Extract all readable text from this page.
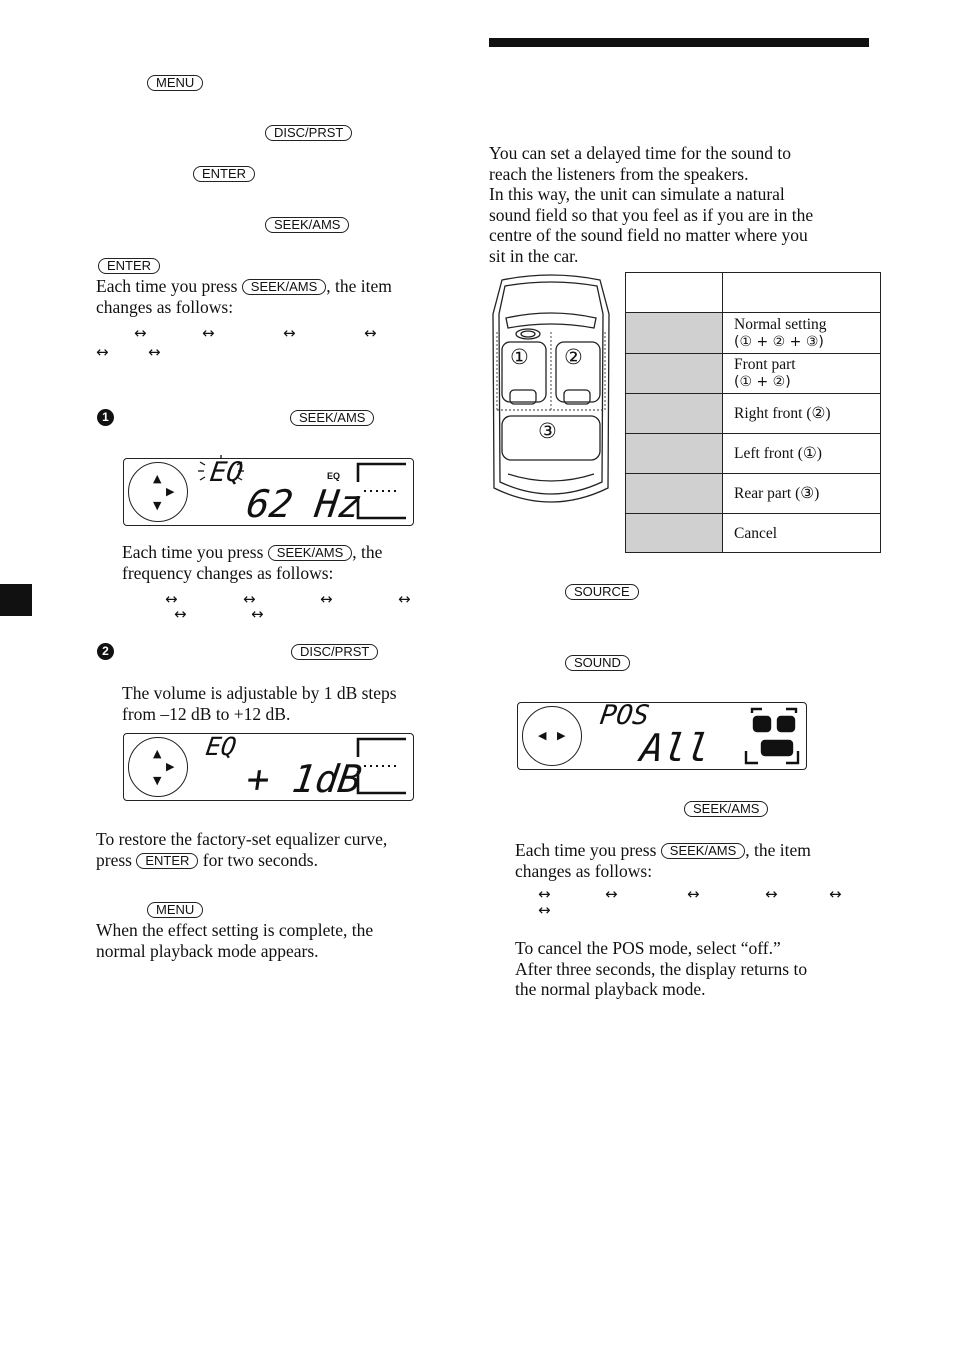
MENU
DISC/PRST
ENTER
SEEK/AMS
ENTER
Each time you press SEEK/AMS , the item
changes as follows:
↔	↔	↔	↔
↔	↔
1	SEEK/AMS
▲
▶
▼
EQ	EQ
62 Hz
Each time you press SEEK/AMS , the
frequency changes as follows:
↔	↔	↔	↔
↔	↔
2	DISC/PRST
The volume is adjustable by 1 dB steps
from –12 dB to +12 dB.
▲
▶
▼
EQ
+ 1dB
To restore the factory-set equalizer curve,
press ENTER for two seconds.
MENU
When the effect setting is complete, the
normal playback mode appears.
You can set a delayed time for the sound to
reach the listeners from the speakers.
In this way, the unit can simulate a natural
sound field so that you feel as if you are in the
centre of the sound field no matter where you
sit in the car.
① ②
③

	Normal setting
(① + ② + ③)
	Front part
(① + ②)
	Right front (②)
	Left front (①)
	Rear part (③)
	Cancel
SOURCE
SOUND
◀ ▶
POS
All
SEEK/AMS
Each time you press SEEK/AMS , the item
changes as follows:
↔	↔	↔	↔	↔
↔
To cancel the POS mode, select “off.”
After three seconds, the display returns to
the normal playback mode.
